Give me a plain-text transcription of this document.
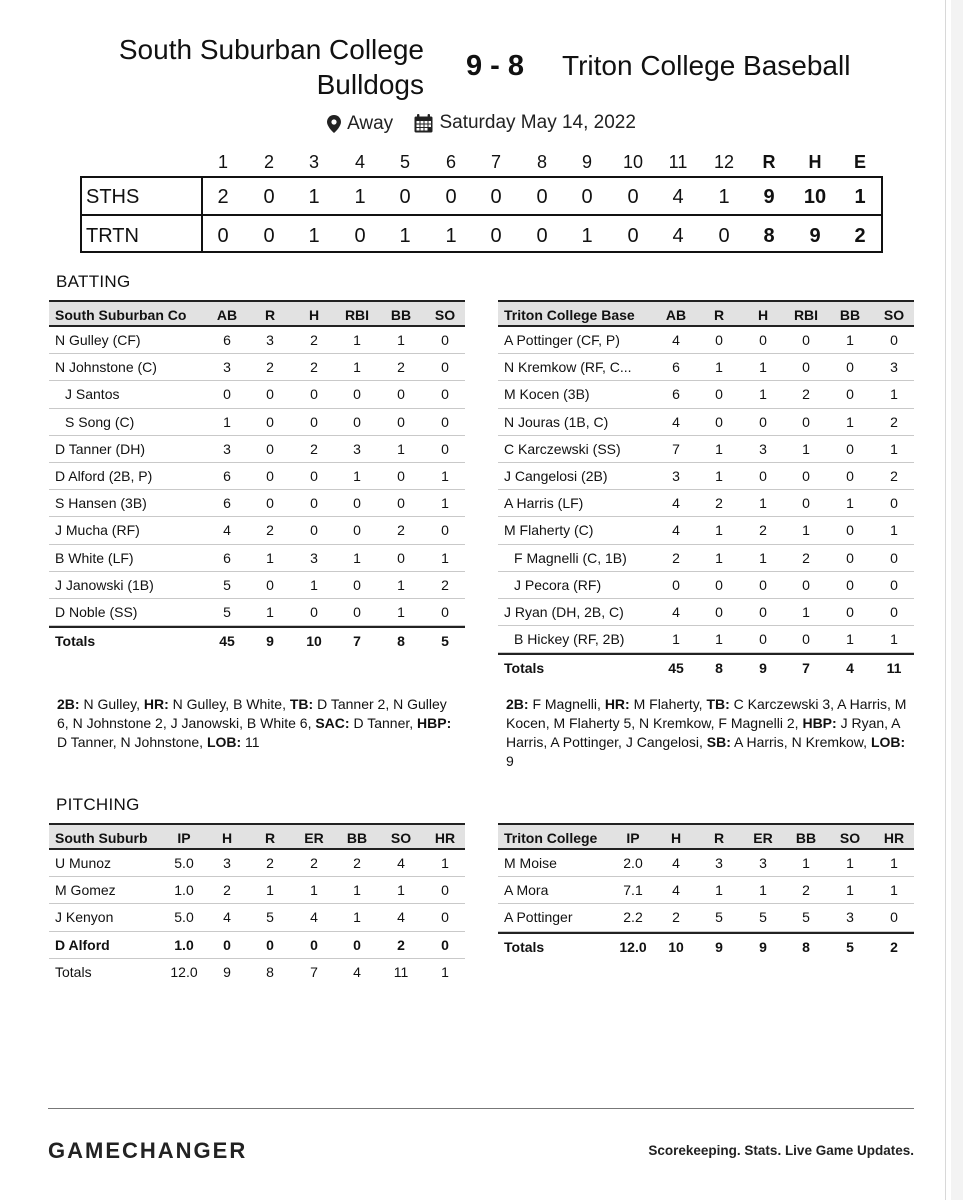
South Suburban College Bulldogs
9 - 8	Triton College Baseball
Away
Saturday May 14, 2022
1	2	3	4	5	6	7	8	9	10	11	12	R	H	E
STHS	2	0	1	1	0	0	0	0	0	0	4	1	9	10	1
TRTN	0	0	1	0	1	1	0	0	1	0	4	0	8	9	2
BATTING
South Suburban Co	AB	R	H	RBI	BB	SO
N Gulley (CF)	6	3	2	1	1	0
N Johnstone (C)	3	2	2	1	2	0
J Santos	0	0	0	0	0	0
S Song (C)	1	0	0	0	0	0
D Tanner (DH)	3	0	2	3	1	0
D Alford (2B, P)	6	0	0	1	0	1
S Hansen (3B)	6	0	0	0	0	1
J Mucha (RF)	4	2	0	0	2	0
B White (LF)	6	1	3	1	0	1
J Janowski (1B)	5	0	1	0	1	2
D Noble (SS)	5	1	0	0	1	0
Totals	45	9	10	7	8	5
Triton College Base	AB	R	H	RBI	BB	SO
A Pottinger (CF, P)	4	0	0	0	1	0
N Kremkow (RF, C...	6	1	1	0	0	3
M Kocen (3B)	6	0	1	2	0	1
N Jouras (1B, C)	4	0	0	0	1	2
C Karczewski (SS)	7	1	3	1	0	1
J Cangelosi (2B)	3	1	0	0	0	2
A Harris (LF)	4	2	1	0	1	0
M Flaherty (C)	4	1	2	1	0	1
F Magnelli (C, 1B)	2	1	1	2	0	0
J Pecora (RF)	0	0	0	0	0	0
J Ryan (DH, 2B, C)	4	0	0	1	0	0
B Hickey (RF, 2B)	1	1	0	0	1	1
Totals	45	8	9	7	4	11
2B: N Gulley, HR: N Gulley, B White, TB: D Tanner 2, N Gulley 6, N Johnstone 2, J Janowski, B White 6, SAC: D Tanner, HBP: D Tanner, N Johnstone, LOB: 11
2B: F Magnelli, HR: M Flaherty, TB: C Karczewski 3, A Harris, M Kocen, M Flaherty 5, N Kremkow, F Magnelli 2, HBP: J Ryan, A Harris, A Pottinger, J Cangelosi, SB: A Harris, N Kremkow, LOB: 9
PITCHING
South Suburb	IP	H	R	ER	BB	SO	HR
U Munoz	5.0	3	2	2	2	4	1
M Gomez	1.0	2	1	1	1	1	0
J Kenyon	5.0	4	5	4	1	4	0
D Alford	1.0	0	0	0	0	2	0
Totals	12.0	9	8	7	4	11	1
Triton College	IP	H	R	ER	BB	SO	HR
M Moise	2.0	4	3	3	1	1	1
A Mora	7.1	4	1	1	2	1	1
A Pottinger	2.2	2	5	5	5	3	0
Totals	12.0	10	9	9	8	5	2
GAMECHANGER	Scorekeeping. Stats. Live Game Updates.
